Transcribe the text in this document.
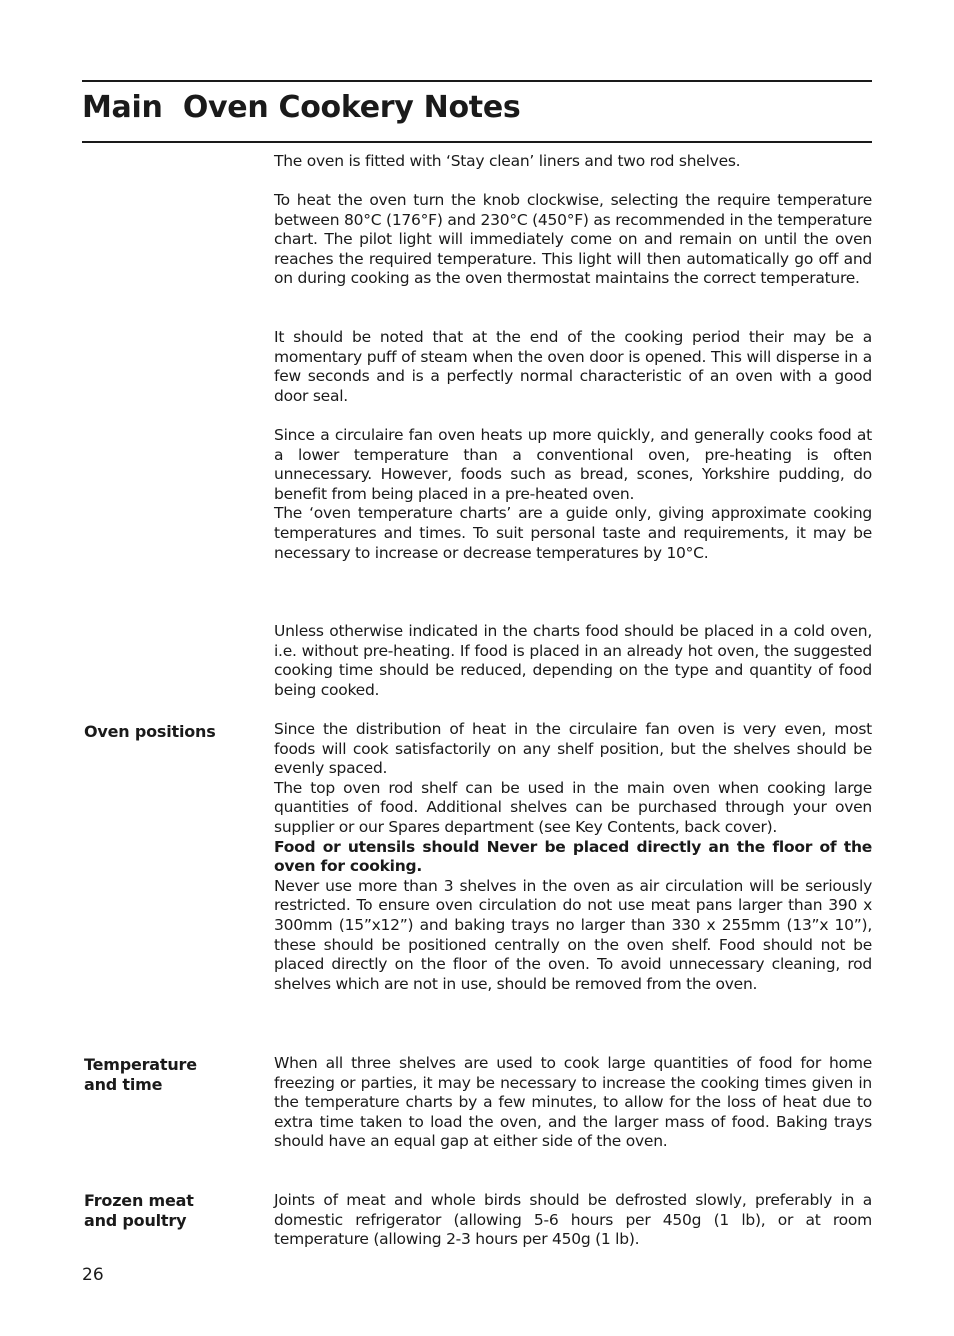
Main  Oven Cookery Notes

The oven is fitted with ‘Stay clean’ liners and two rod shelves.

To heat the oven turn the knob clockwise, selecting the require temperature between 80°C (176°F) and 230°C (450°F) as recommended in the temperature chart. The pilot light will immediately come on and remain on until the oven reaches the required temperature. This light will then automatically go off and on during cooking as the oven thermostat maintains the correct temperature.

It should be noted that at the end of the cooking period their may be a momentary puff of steam when the oven door is opened. This will disperse in a few seconds and is a perfectly normal characteristic of an oven with a good door seal.

Since a circulaire fan oven heats up more quickly, and generally cooks food at a lower temperature than a conventional oven, pre-heating is often unnecessary. However, foods such as bread, scones, Yorkshire pudding, do benefit from being placed in a pre-heated oven.
The ‘oven temperature charts’ are a guide only, giving approximate cooking temperatures and times. To suit personal taste and requirements, it may be necessary to increase or decrease temperatures by 10°C.

Unless otherwise indicated in the charts food should be placed in a cold oven, i.e. without pre-heating. If food is placed in an already hot oven, the suggested cooking time should be reduced, depending on the type and quantity of food being cooked.

Oven positions	Since the distribution of heat in the circulaire fan oven is very even, most foods will cook satisfactorily on any shelf position, but the shelves should be evenly spaced.
The top oven rod shelf can be used in the main oven when cooking large quantities of food. Additional shelves can be purchased through your oven supplier or our Spares department (see Key Contents, back cover).
Food or utensils should Never be placed directly an the floor of the oven for cooking.
Never use more than 3 shelves in the oven as air circulation will be seriously restricted. To ensure oven circulation do not use meat pans larger than 390 x 300mm (15”x12”) and baking trays no larger than 330 x 255mm (13”x 10”), these should be positioned centrally on the oven shelf. Food should not be placed directly on the floor of the oven. To avoid unnecessary cleaning, rod shelves which are not in use, should be removed from the oven.
Temperature
and time

When all three shelves are used to cook large quantities of food for home freezing or parties, it may be necessary to increase the cooking times given in the temperature charts by a few minutes, to allow for the loss of heat due to extra time taken to load the oven, and the larger mass of food. Baking trays should have an equal gap at either side of the oven.

Frozen meat
and poultry

Joints of meat and whole birds should be defrosted slowly, preferably in a domestic refrigerator (allowing 5-6 hours per 450g (1 lb), or at room temperature (allowing 2-3 hours per 450g (1 lb).

26
